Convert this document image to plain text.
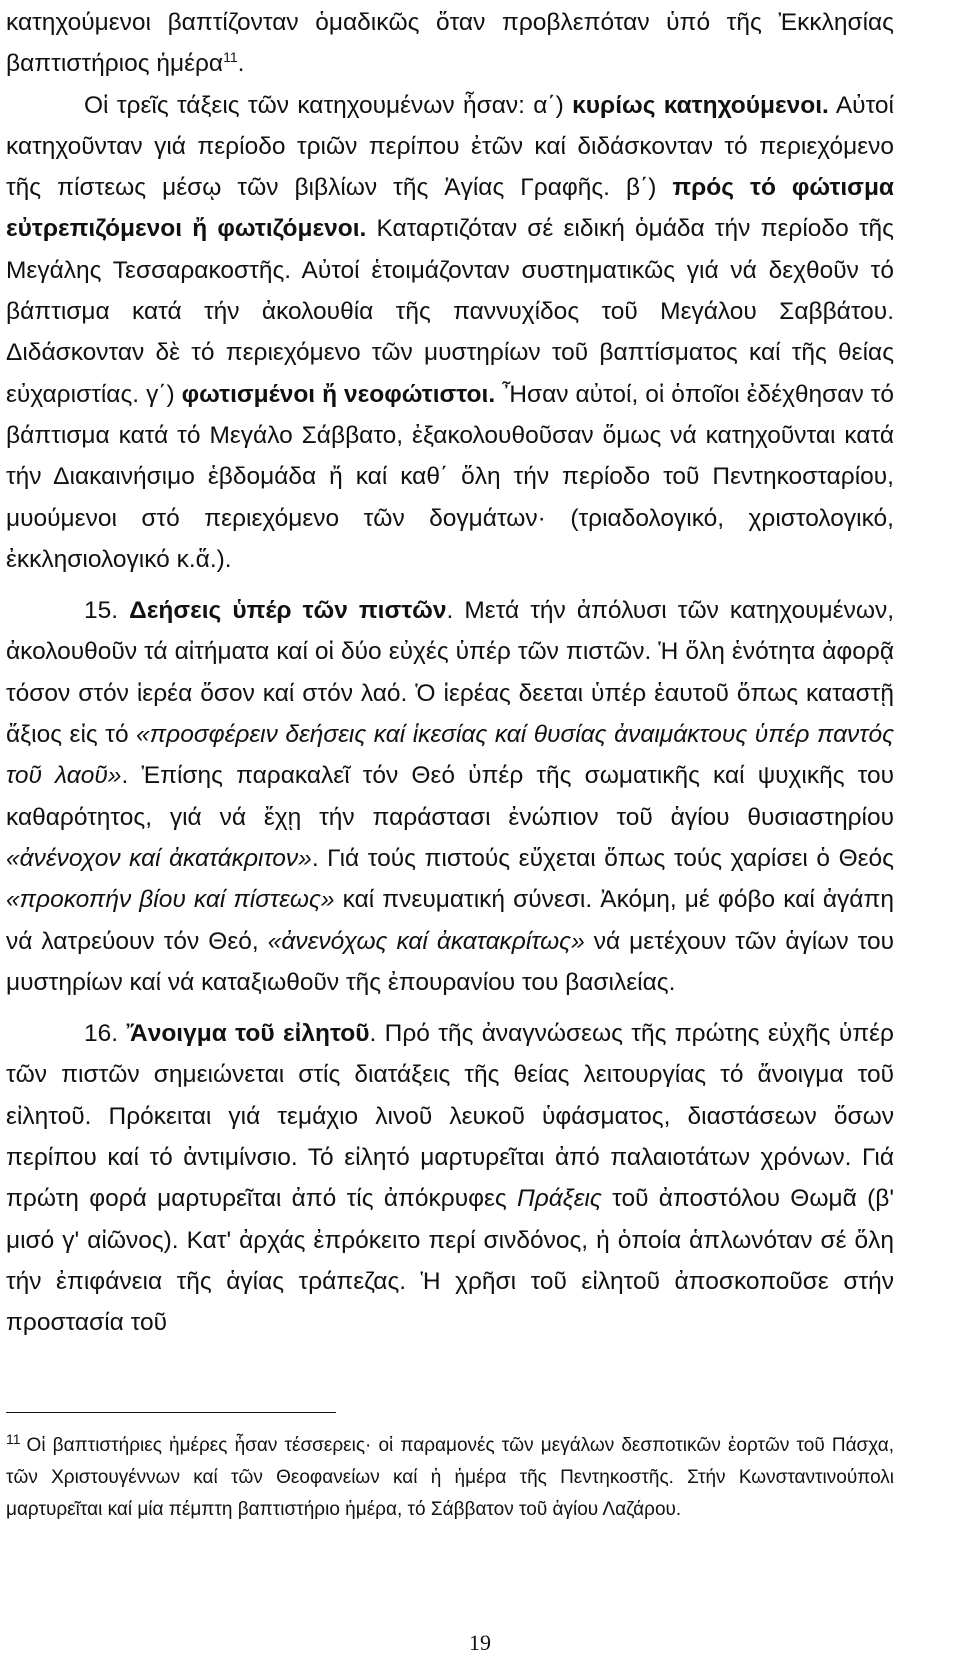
κατηχούμενοι βαπτίζονταν ὁμαδικῶς ὅταν προβλεπόταν ὑπό τῆς Ἐκκλησίας βαπτιστήριος ἡμέρα$^{11}$.

Οἱ τρεῖς τάξεις τῶν κατηχουμένων ἦσαν: α΄) κυρίως κατηχούμενοι. Αὐτοί κατηχοῦνταν γιά περίοδο τριῶν περίπου ἐτῶν καί διδάσκονταν τό περιεχόμενο τῆς πίστεως μέσῳ τῶν βιβλίων τῆς Ἁγίας Γραφῆς. β΄) πρός τό φώτισμα εὐτρεπιζόμενοι ἤ φωτιζόμενοι. Καταρτιζόταν σέ ειδική ὁμάδα τήν περίοδο τῆς Μεγάλης Τεσσαρακοστῆς. Αὐτοί ἑτοιμάζονταν συστηματικῶς γιά νά δεχθοῦν τό βάπτισμα κατά τήν ἀκολουθία τῆς παννυχίδος τοῦ Μεγάλου Σαββάτου. Διδάσκονταν δὲ τό περιεχόμενο τῶν μυστηρίων τοῦ βαπτίσματος καί τῆς θείας εὐχαριστίας. γ΄) φωτισμένοι ἤ νεοφώτιστοι. Ἦσαν αὐτοί, οἱ ὁποῖοι ἐδέχθησαν τό βάπτισμα κατά τό Μεγάλο Σάββατο, ἐξακολουθοῦσαν ὅμως νά κατηχοῦνται κατά τήν Διακαινήσιμο ἑβδομάδα ἤ καί καθ΄ ὅλη τήν περίοδο τοῦ Πεντηκοσταρίου, μυούμενοι στό περιεχόμενο τῶν δογμάτων· (τριαδολογικό, χριστολογικό, ἐκκλησιολογικό κ.ἅ.).

15. Δεήσεις ὑπέρ τῶν πιστῶν. Μετά τήν ἀπόλυσι τῶν κατηχουμένων, ἀκολουθοῦν τά αἰτήματα καί οἱ δύο εὐχές ὑπέρ τῶν πιστῶν. Ἡ ὅλη ἑνότητα ἀφορᾷ τόσον στόν ἱερέα ὅσον καί στόν λαό. Ὁ ἱερέας δεεται ὑπέρ ἑαυτοῦ ὅπως καταστῇ ἄξιος εἰς τό «προσφέρειν δεήσεις καί ἱκεσίας καί θυσίας ἀναιμάκτους ὑπέρ παντός τοῦ λαοῦ». Ἐπίσης παρακαλεῖ τόν Θεό ὑπέρ τῆς σωματικῆς καί ψυχικῆς του καθαρότητος, γιά νά ἔχῃ τήν παράστασι ἐνώπιον τοῦ ἁγίου θυσιαστηρίου «ἀνένοχον καί ἀκατάκριτον». Γιά τούς πιστούς εὔχεται ὅπως τούς χαρίσει ὁ Θεός «προκοπήν βίου καί πίστεως» καί πνευματική σύνεσι. Ἀκόμη, μέ φόβο καί ἀγάπη νά λατρεύουν τόν Θεό, «ἀνενόχως καί ἀκατακρίτως» νά μετέχουν τῶν ἁγίων του μυστηρίων καί νά καταξιωθοῦν τῆς ἐπουρανίου του βασιλείας.

16. Ἄνοιγμα τοῦ εἰλητοῦ. Πρό τῆς ἀναγνώσεως τῆς πρώτης εὐχῆς ὑπέρ τῶν πιστῶν σημειώνεται στίς διατάξεις τῆς θείας λειτουργίας τό ἄνοιγμα τοῦ εἰλητοῦ. Πρόκειται γιά τεμάχιο λινοῦ λευκοῦ ὑφάσματος, διαστάσεων ὅσων περίπου καί τό ἀντιμίνσιο. Τό εἰλητό μαρτυρεῖται ἀπό παλαιοτάτων χρόνων. Γιά πρώτη φορά μαρτυρεῖται ἀπό τίς ἀπόκρυφες Πράξεις τοῦ ἀποστόλου Θωμᾶ (β' μισό γ' αἰῶνος). Κατ' ἀρχάς ἐπρόκειτο περί σινδόνος, ἡ ὁποία ἁπλωνόταν σέ ὅλη τήν ἐπιφάνεια τῆς ἁγίας τράπεζας. Ἡ χρῆσι τοῦ εἰλητοῦ ἀποσκοποῦσε στήν προστασία τοῦ

$^{11}$ Οἱ βαπτιστήριες ἡμέρες ἦσαν τέσσερεις· οἱ παραμονές τῶν μεγάλων δεσποτικῶν ἑορτῶν τοῦ Πάσχα, τῶν Χριστουγέννων καί τῶν Θεοφανείων καί ἡ ἡμέρα τῆς Πεντηκοστῆς. Στήν Κωνσταντινούπολι μαρτυρεῖται καί μία πέμπτη βαπτιστήριο ἡμέρα, τό Σάββατον τοῦ ἁγίου Λαζάρου.

19
